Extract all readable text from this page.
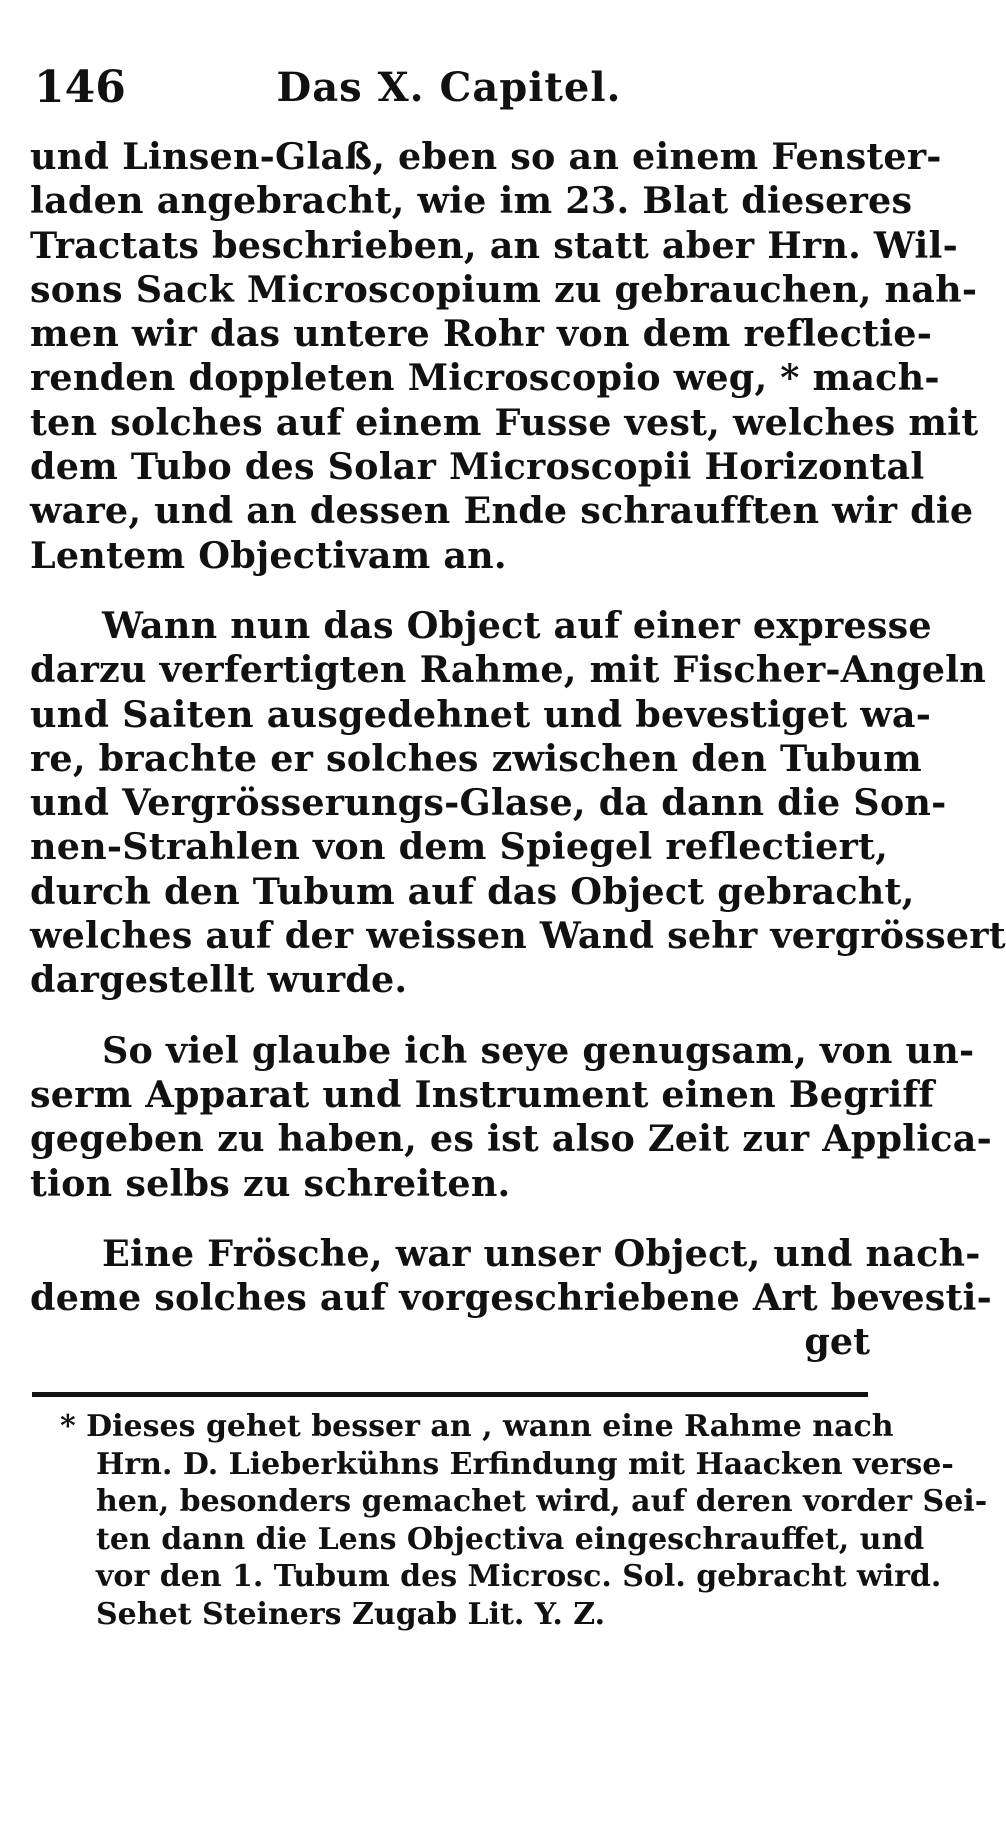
146	Das X. Capitel.
und Linsen-Glaß, eben so an einem Fenster-
laden angebracht, wie im 23. Blat dieseres
Tractats beschrieben, an statt aber Hrn. Wil-
sons Sack Microscopium zu gebrauchen, nah-
men wir das untere Rohr von dem reflectie-
renden doppleten Microscopio weg, * mach-
ten solches auf einem Fusse vest, welches mit
dem Tubo des Solar Microscopii Horizontal
ware, und an dessen Ende schraufften wir die
Lentem Objectivam an.
Wann nun das Object auf einer expresse
darzu verfertigten Rahme, mit Fischer-Angeln
und Saiten ausgedehnet und bevestiget wa-
re, brachte er solches zwischen den Tubum
und Vergrösserungs-Glase, da dann die Son-
nen-Strahlen von dem Spiegel reflectiert,
durch den Tubum auf das Object gebracht,
welches auf der weissen Wand sehr vergrössert
dargestellt wurde.
So viel glaube ich seye genugsam, von un-
serm Apparat und Instrument einen Begriff
gegeben zu haben, es ist also Zeit zur Applica-
tion selbs zu schreiten.
Eine Frösche, war unser Object, und nach-
deme solches auf vorgeschriebene Art bevesti-
get
* Dieses gehet besser an , wann eine Rahme nach
Hrn. D. Lieberkühns Erfindung mit Haacken verse-
hen, besonders gemachet wird, auf deren vorder Sei-
ten dann die Lens Objectiva eingeschrauffet, und
vor den 1. Tubum des Microsc. Sol. gebracht wird.
Sehet Steiners Zugab Lit. Y. Z.
